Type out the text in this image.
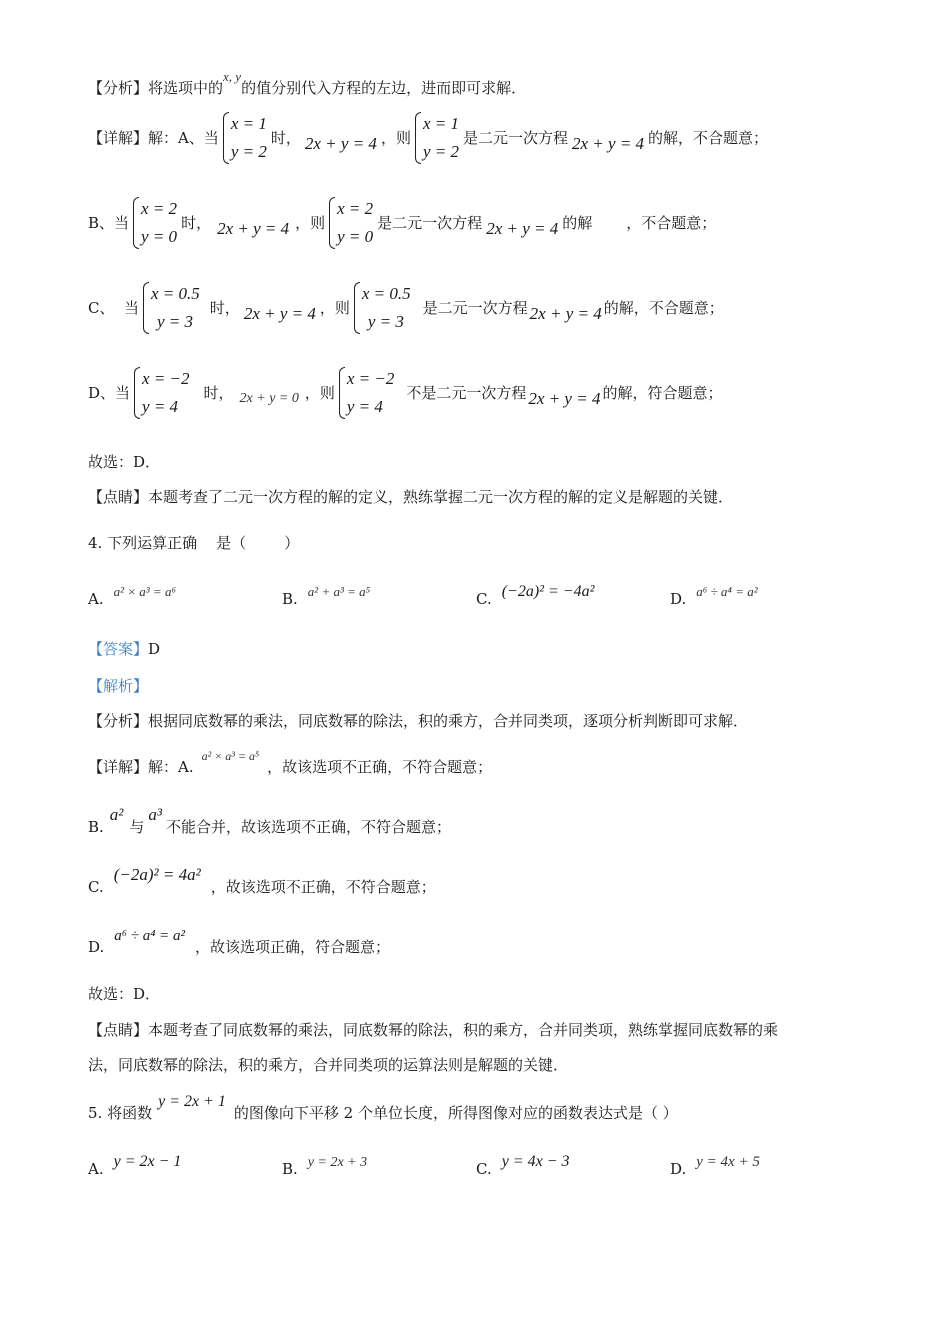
【分析】将选项中的x, y的值分别代入方程的左边，进而即可求解．
【详解】解：A、当
x = 1
y = 2
时， 2x + y = 4 ，则
x = 1
y = 2
是二元一次方程 2x + y = 4 的解，不合题意；
B、当
x = 2
y = 0
时， 2x + y = 4 ，则
x = 2
y = 0
是二元一次方程 2x + y = 4 的解 ，不合题意；
C、  当
x = 0.5
y = 3
时， 2x + y = 4 ，则
x = 0.5
y = 3
是二元一次方程 2x + y = 4 的解，不合题意；
D、当
x = −2
y = 4
时， 2x + y = 0 ，则
x = −2
y = 4
不是二元一次方程 2x + y = 4 的解，符合题意；
故选：D．
【点睛】本题考查了二元一次方程的解的定义，熟练掌握二元一次方程的解的定义是解题的关键．
4. 下列运算正确    是（        ）
A. a² × a³ = a⁶	B. a² + a³ = a⁵	C. (−2a)² = −4a²	D. a⁶ ÷ a⁴ = a²
【答案】D
【解析】
【分析】根据同底数幂的乘法，同底数幂的除法，积的乘方，合并同类项，逐项分析判断即可求解．
【详解】解：A.$^{a^2 \times a^3 = a^5}$，故该选项不正确，不符合题意；
B.a²与a³不能合并，故该选项不正确，不符合题意；
C.(−2a)² = 4a²，故该选项不正确，不符合题意；
D.a⁶ ÷ a⁴ = a²，故该选项正确，符合题意；
故选：D．
【点睛】本题考查了同底数幂的乘法，同底数幂的除法，积的乘方，合并同类项，熟练掌握同底数幂的乘
法，同底数幂的除法，积的乘方，合并同类项的运算法则是解题的关键．
5. 将函数y = 2x + 1的图像向下平移 2 个单位长度，所得图像对应的函数表达式是（ ）
A. y = 2x − 1	B. y = 2x + 3	C. y = 4x − 3	D. y = 4x + 5
